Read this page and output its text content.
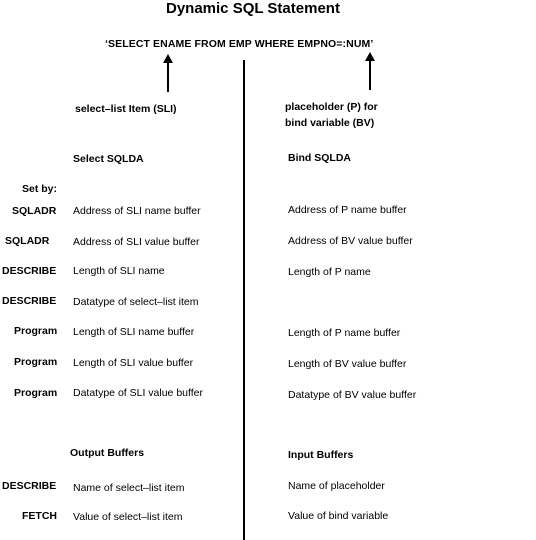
Dynamic SQL Statement
‘SELECT ENAME FROM EMP WHERE EMPNO=:NUM’
select–list Item (SLI)	placeholder (P) for
bind variable (BV)
Select SQLDA	Bind SQLDA
Set by:
SQLADR Address of SLI name buffer	Address of P name buffer
SQLADR Address of SLI value buffer	Address of BV value buffer
DESCRIBE Length of SLI name	Length of P name
DESCRIBE Datatype of select–list item
Program Length of SLI name buffer	Length of P name buffer
Program Length of SLI value buffer	Length of BV value buffer
Program Datatype of SLI value buffer	Datatype of BV value buffer
Output Buffers	Input Buffers
DESCRIBE Name of select–list item	Name of placeholder
FETCH Value of select–list item	Value of bind variable
